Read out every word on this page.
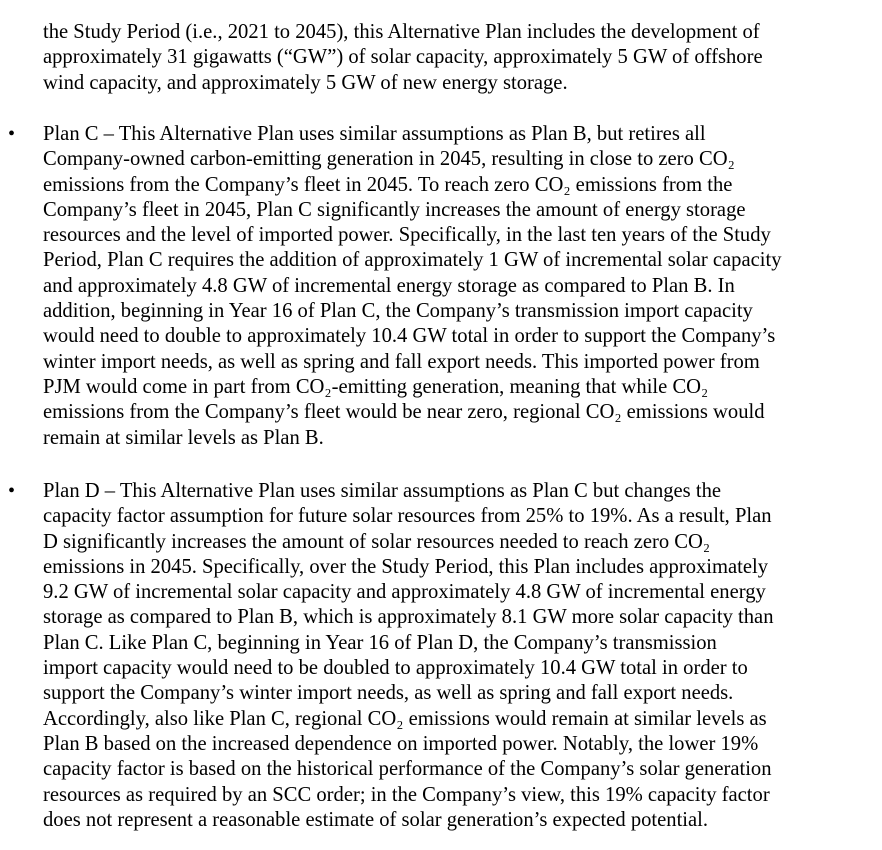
the Study Period (i.e., 2021 to 2045), this Alternative Plan includes the development of
approximately 31 gigawatts (“GW”) of solar capacity, approximately 5 GW of offshore
wind capacity, and approximately 5 GW of new energy storage.
• Plan C – This Alternative Plan uses similar assumptions as Plan B, but retires all
Company-owned carbon-emitting generation in 2045, resulting in close to zero CO₂
emissions from the Company’s fleet in 2045. To reach zero CO₂ emissions from the
Company’s fleet in 2045, Plan C significantly increases the amount of energy storage
resources and the level of imported power. Specifically, in the last ten years of the Study
Period, Plan C requires the addition of approximately 1 GW of incremental solar capacity
and approximately 4.8 GW of incremental energy storage as compared to Plan B. In
addition, beginning in Year 16 of Plan C, the Company’s transmission import capacity
would need to double to approximately 10.4 GW total in order to support the Company’s
winter import needs, as well as spring and fall export needs. This imported power from
PJM would come in part from CO₂-emitting generation, meaning that while CO₂
emissions from the Company’s fleet would be near zero, regional CO₂ emissions would
remain at similar levels as Plan B.
• Plan D – This Alternative Plan uses similar assumptions as Plan C but changes the
capacity factor assumption for future solar resources from 25% to 19%. As a result, Plan
D significantly increases the amount of solar resources needed to reach zero CO₂
emissions in 2045. Specifically, over the Study Period, this Plan includes approximately
9.2 GW of incremental solar capacity and approximately 4.8 GW of incremental energy
storage as compared to Plan B, which is approximately 8.1 GW more solar capacity than
Plan C. Like Plan C, beginning in Year 16 of Plan D, the Company’s transmission
import capacity would need to be doubled to approximately 10.4 GW total in order to
support the Company’s winter import needs, as well as spring and fall export needs.
Accordingly, also like Plan C, regional CO₂ emissions would remain at similar levels as
Plan B based on the increased dependence on imported power. Notably, the lower 19%
capacity factor is based on the historical performance of the Company’s solar generation
resources as required by an SCC order; in the Company’s view, this 19% capacity factor
does not represent a reasonable estimate of solar generation’s expected potential.
